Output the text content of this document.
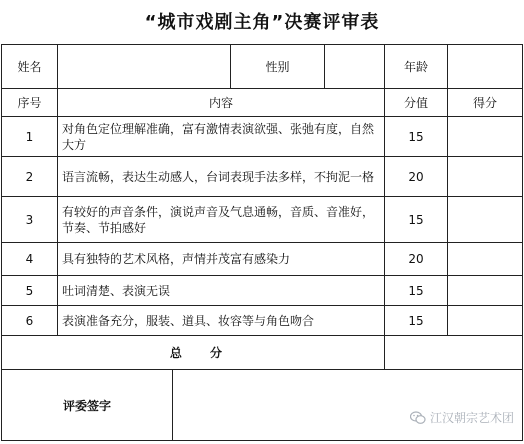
“城市戏剧主角”决赛评审表
姓名			性别		年龄	
序号	内容				分值	得分
1	对角色定位理解准确，富有激情表演欲强、张弛有度，自然大方				15	
2	语言流畅，表达生动感人，台词表现手法多样，不拘泥一格				20	
3	有较好的声音条件，演说声音及气息通畅，音质、音准好，节奏、节拍感好				15	
4	具有独特的艺术风格，声情并茂富有感染力				20	
5	吐词清楚、表演无误				15	
6	表演准备充分，服装、道具、妆容等与角色吻合				15	
总 分						
评委签字		江汉朝宗艺术团				
